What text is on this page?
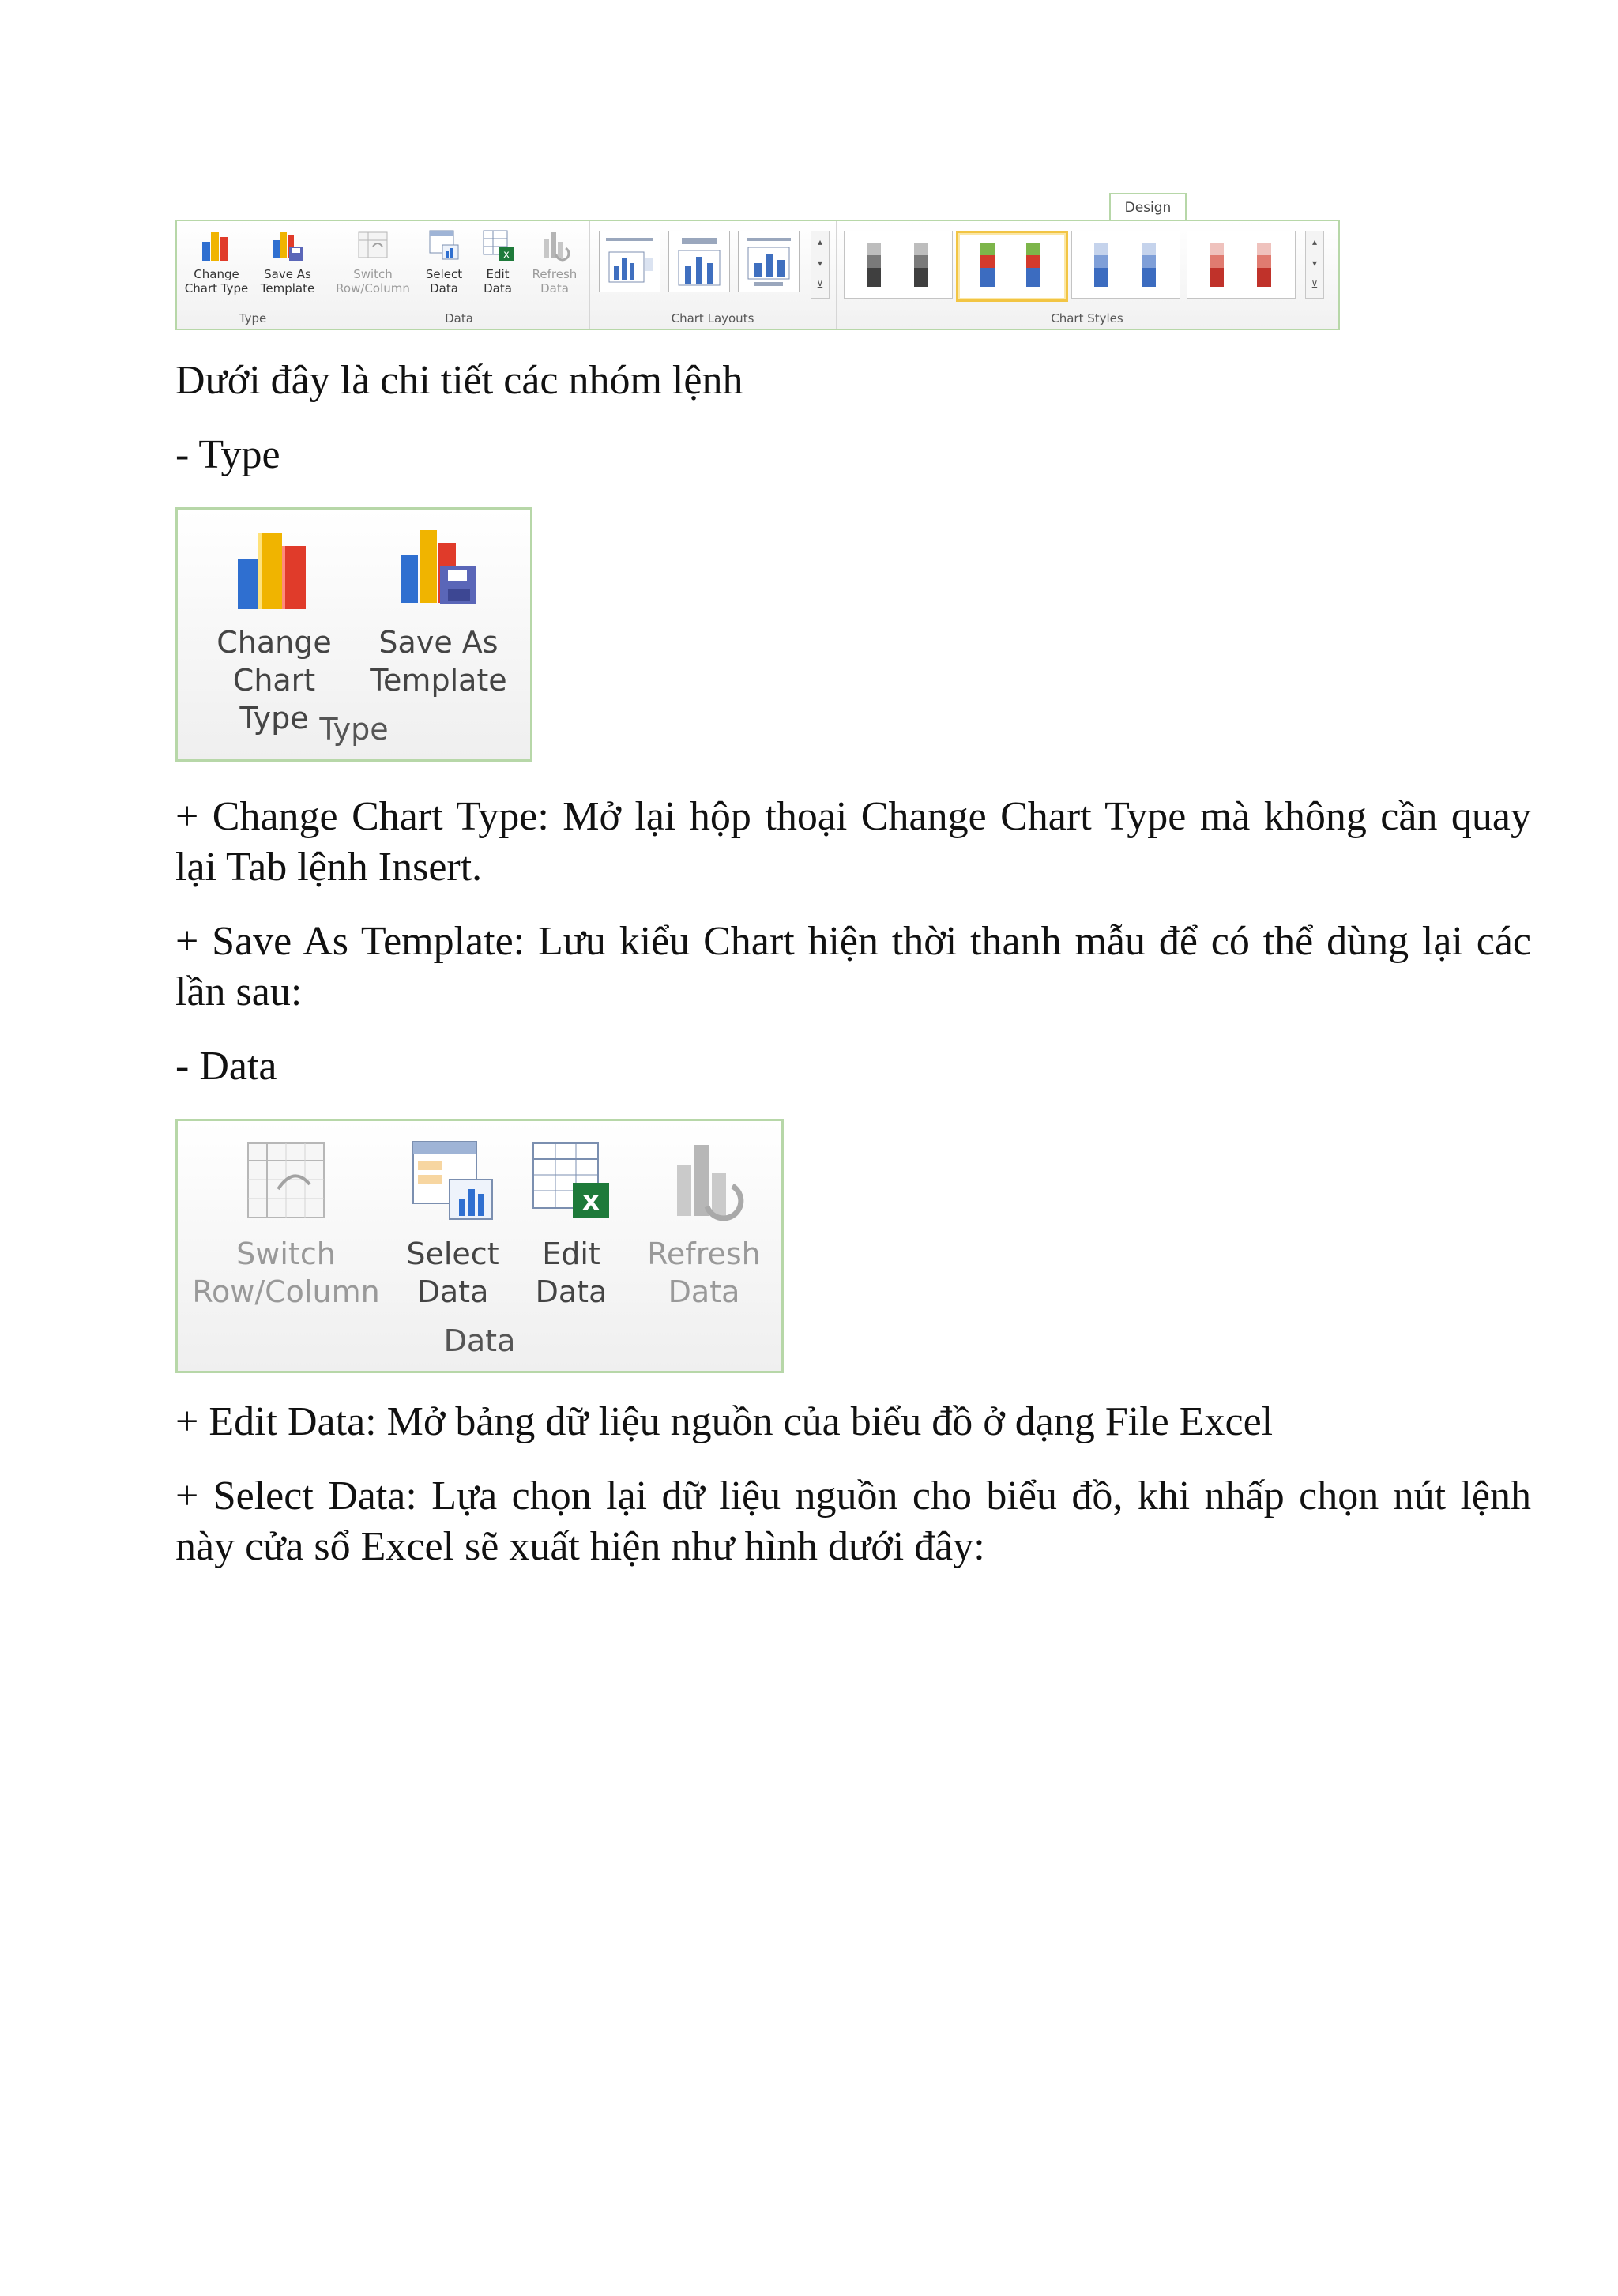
Design
Change
Chart Type
Save As
Template
Type
Switch
Row/Column
Select
Data
x
Edit
Data
Refresh
Data
Data
▴
▾
⊻
Chart Layouts
▴
▾
⊻
Chart Styles
Dưới đây là chi tiết các nhóm lệnh
- Type
Change
Chart Type
Save As
Template
Type
+ Change Chart Type: Mở lại hộp thoại Change Chart Type mà không cần quay lại Tab lệnh Insert.
+ Save As Template: Lưu kiểu Chart hiện thời thanh mẫu để có thể dùng lại các lần sau:
- Data
Switch
Row/Column
Select
Data
x
Edit
Data
Refresh
Data
Data
+ Edit Data: Mở bảng dữ liệu nguồn của biểu đồ ở dạng File Excel
+ Select Data: Lựa chọn lại dữ liệu nguồn cho biểu đồ, khi nhấp chọn nút lệnh này cửa sổ Excel sẽ xuất hiện như hình dưới đây:
